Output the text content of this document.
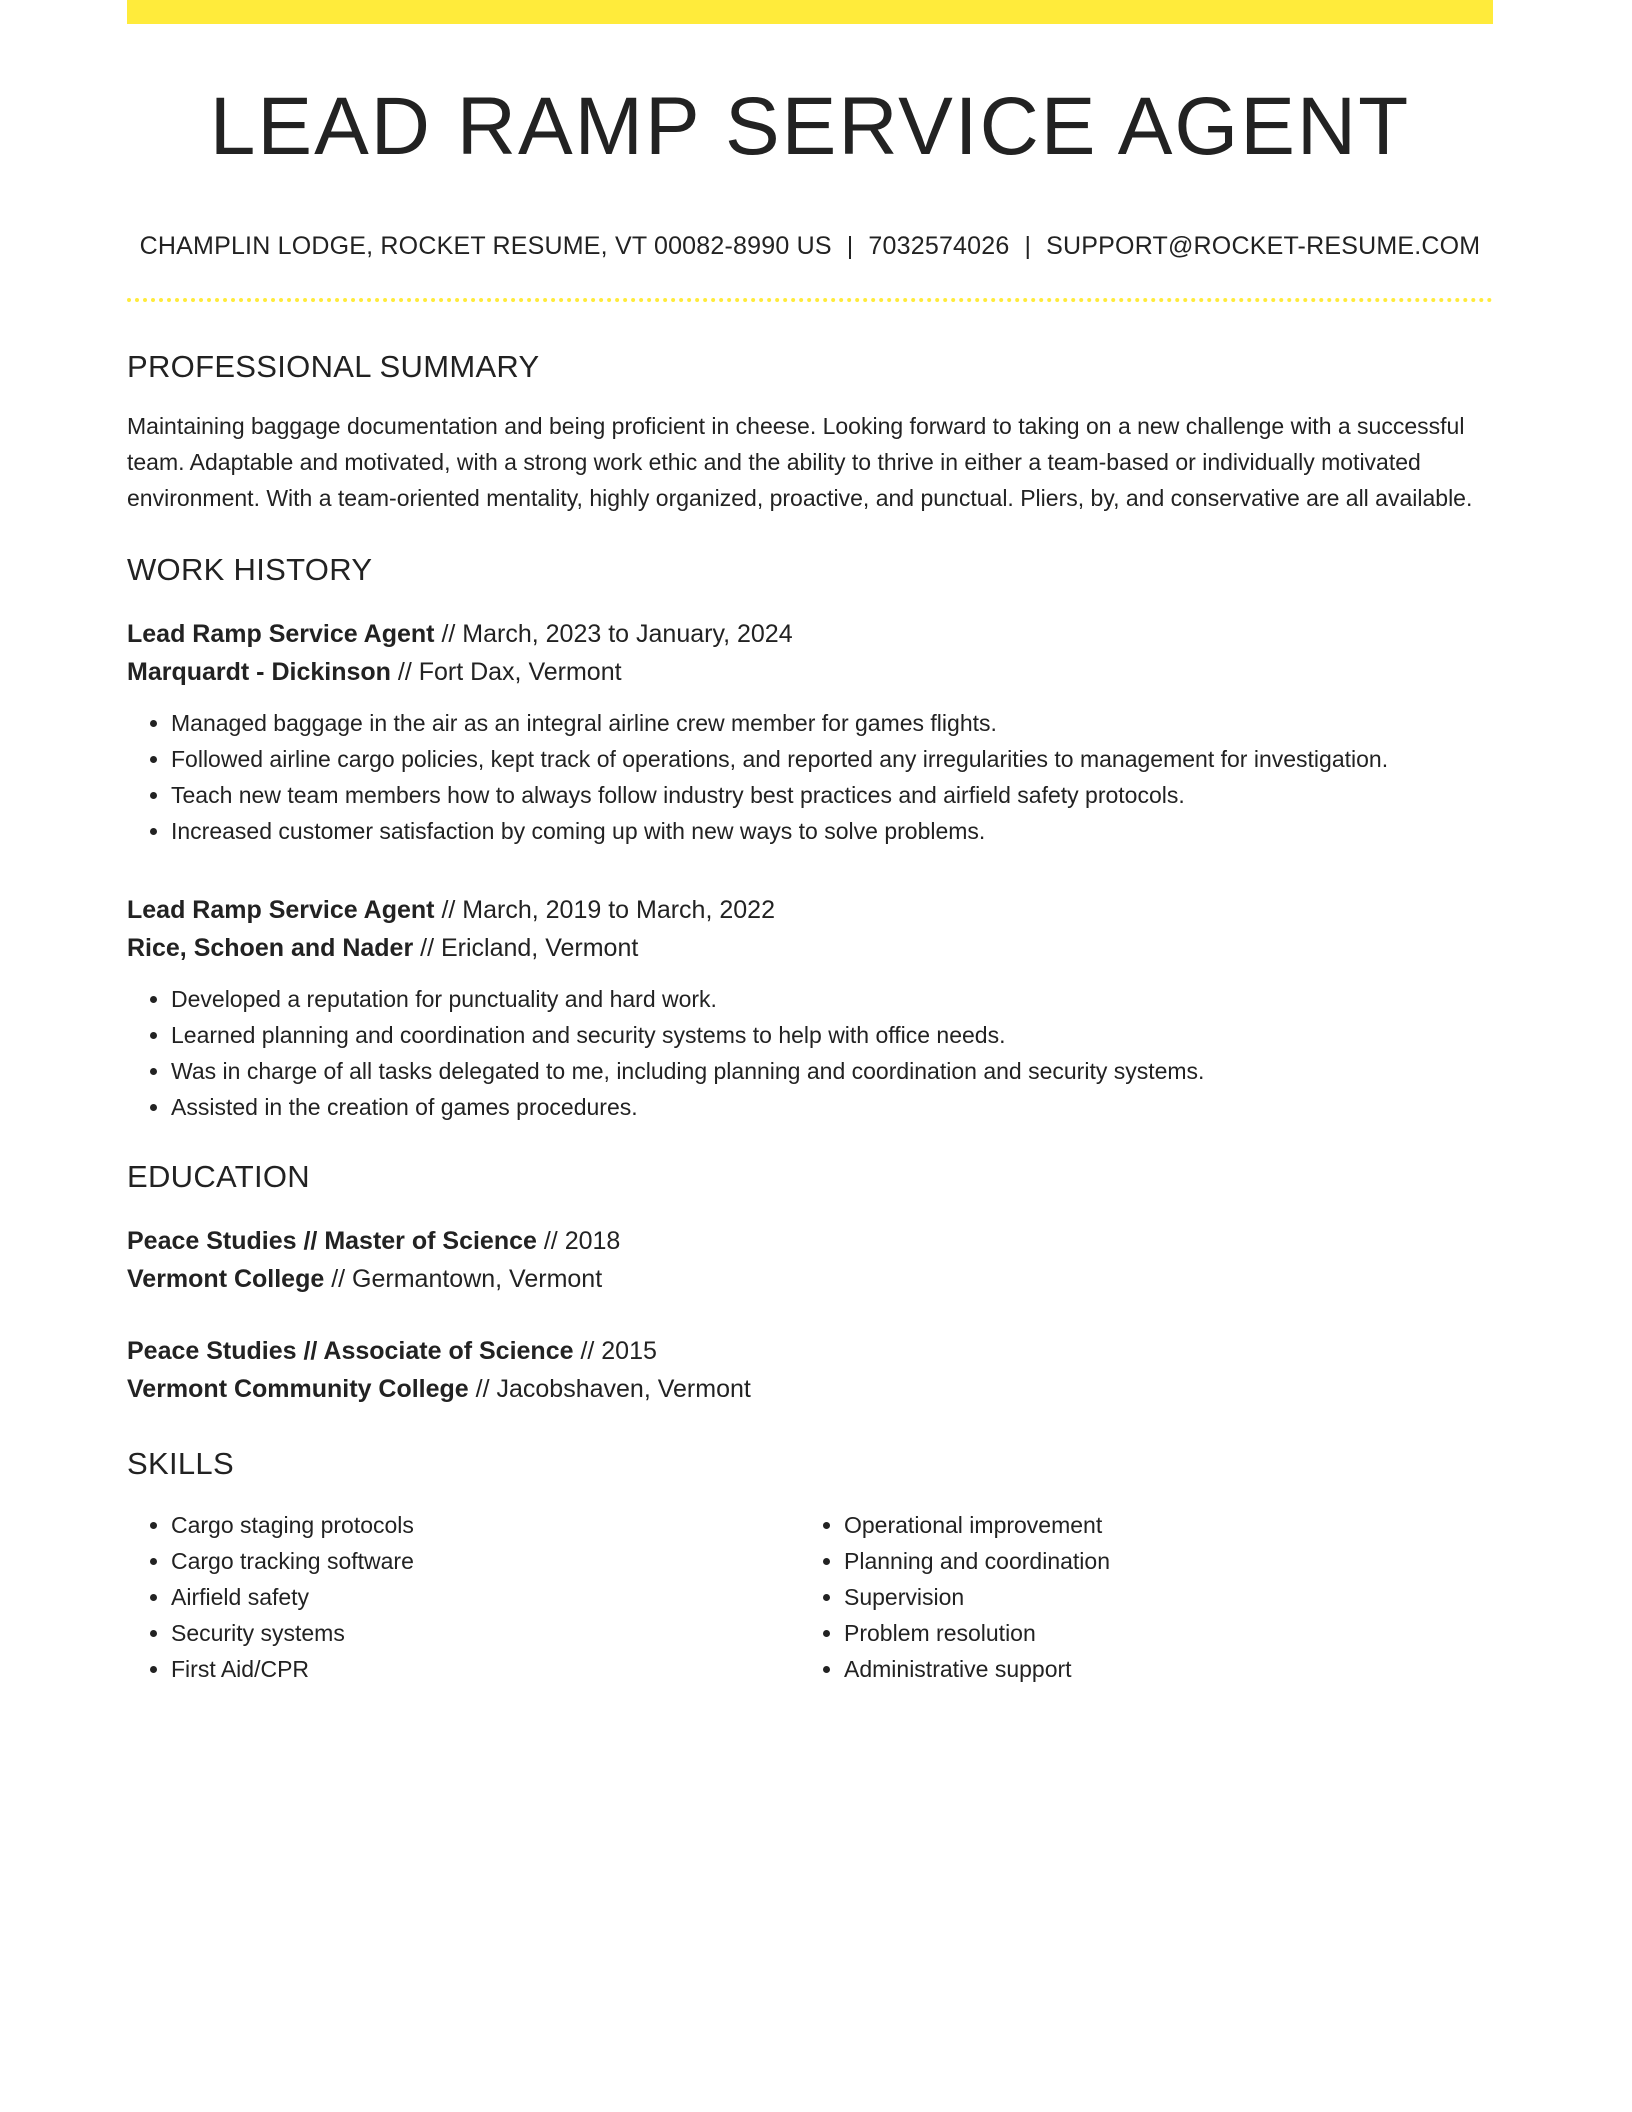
LEAD RAMP SERVICE AGENT
CHAMPLIN LODGE, ROCKET RESUME, VT 00082-8990 US | 7032574026 | SUPPORT@ROCKET-RESUME.COM
PROFESSIONAL SUMMARY

Maintaining baggage documentation and being proficient in cheese. Looking forward to taking on a new challenge with a successful team. Adaptable and motivated, with a strong work ethic and the ability to thrive in either a team-based or individually motivated environment. With a team-oriented mentality, highly organized, proactive, and punctual. Pliers, by, and conservative are all available.

WORK HISTORY
Lead Ramp Service Agent // March, 2023 to January, 2024
Marquardt - Dickinson // Fort Dax, Vermont
• Managed baggage in the air as an integral airline crew member for games flights.
• Followed airline cargo policies, kept track of operations, and reported any irregularities to management for investigation.
• Teach new team members how to always follow industry best practices and airfield safety protocols.
• Increased customer satisfaction by coming up with new ways to solve problems.
Lead Ramp Service Agent // March, 2019 to March, 2022
Rice, Schoen and Nader // Ericland, Vermont
• Developed a reputation for punctuality and hard work.
• Learned planning and coordination and security systems to help with office needs.
• Was in charge of all tasks delegated to me, including planning and coordination and security systems.
• Assisted in the creation of games procedures.
EDUCATION
Peace Studies // Master of Science // 2018
Vermont College // Germantown, Vermont
Peace Studies // Associate of Science // 2015
Vermont Community College // Jacobshaven, Vermont
SKILLS
• Cargo staging protocols
• Cargo tracking software
• Airfield safety
• Security systems
• First Aid/CPR
• Operational improvement
• Planning and coordination
• Supervision
• Problem resolution
• Administrative support
